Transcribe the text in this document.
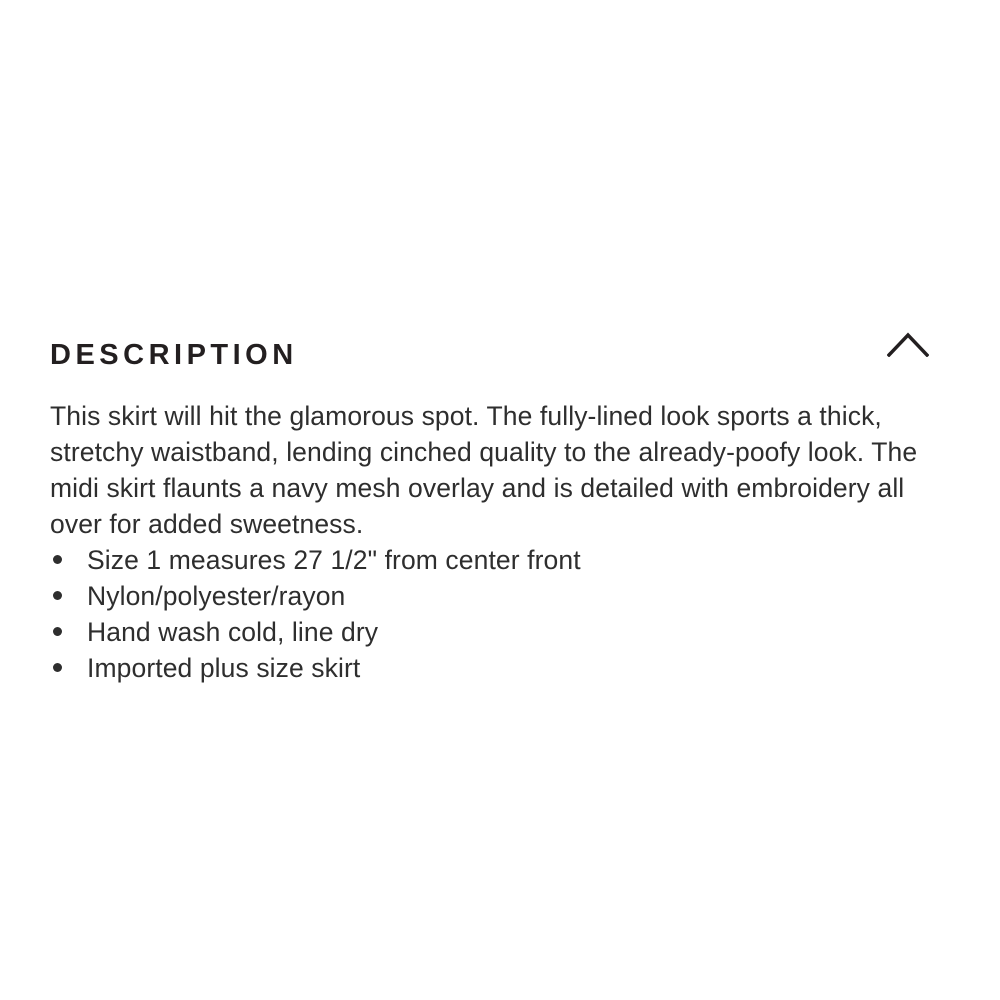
DESCRIPTION

This skirt will hit the glamorous spot. The fully-lined look sports a thick, stretchy waistband, lending cinched quality to the already-poofy look. The midi skirt flaunts a navy mesh overlay and is detailed with embroidery all over for added sweetness.

Size 1 measures 27 1/2" from center front
Nylon/polyester/rayon
Hand wash cold, line dry
Imported plus size skirt
